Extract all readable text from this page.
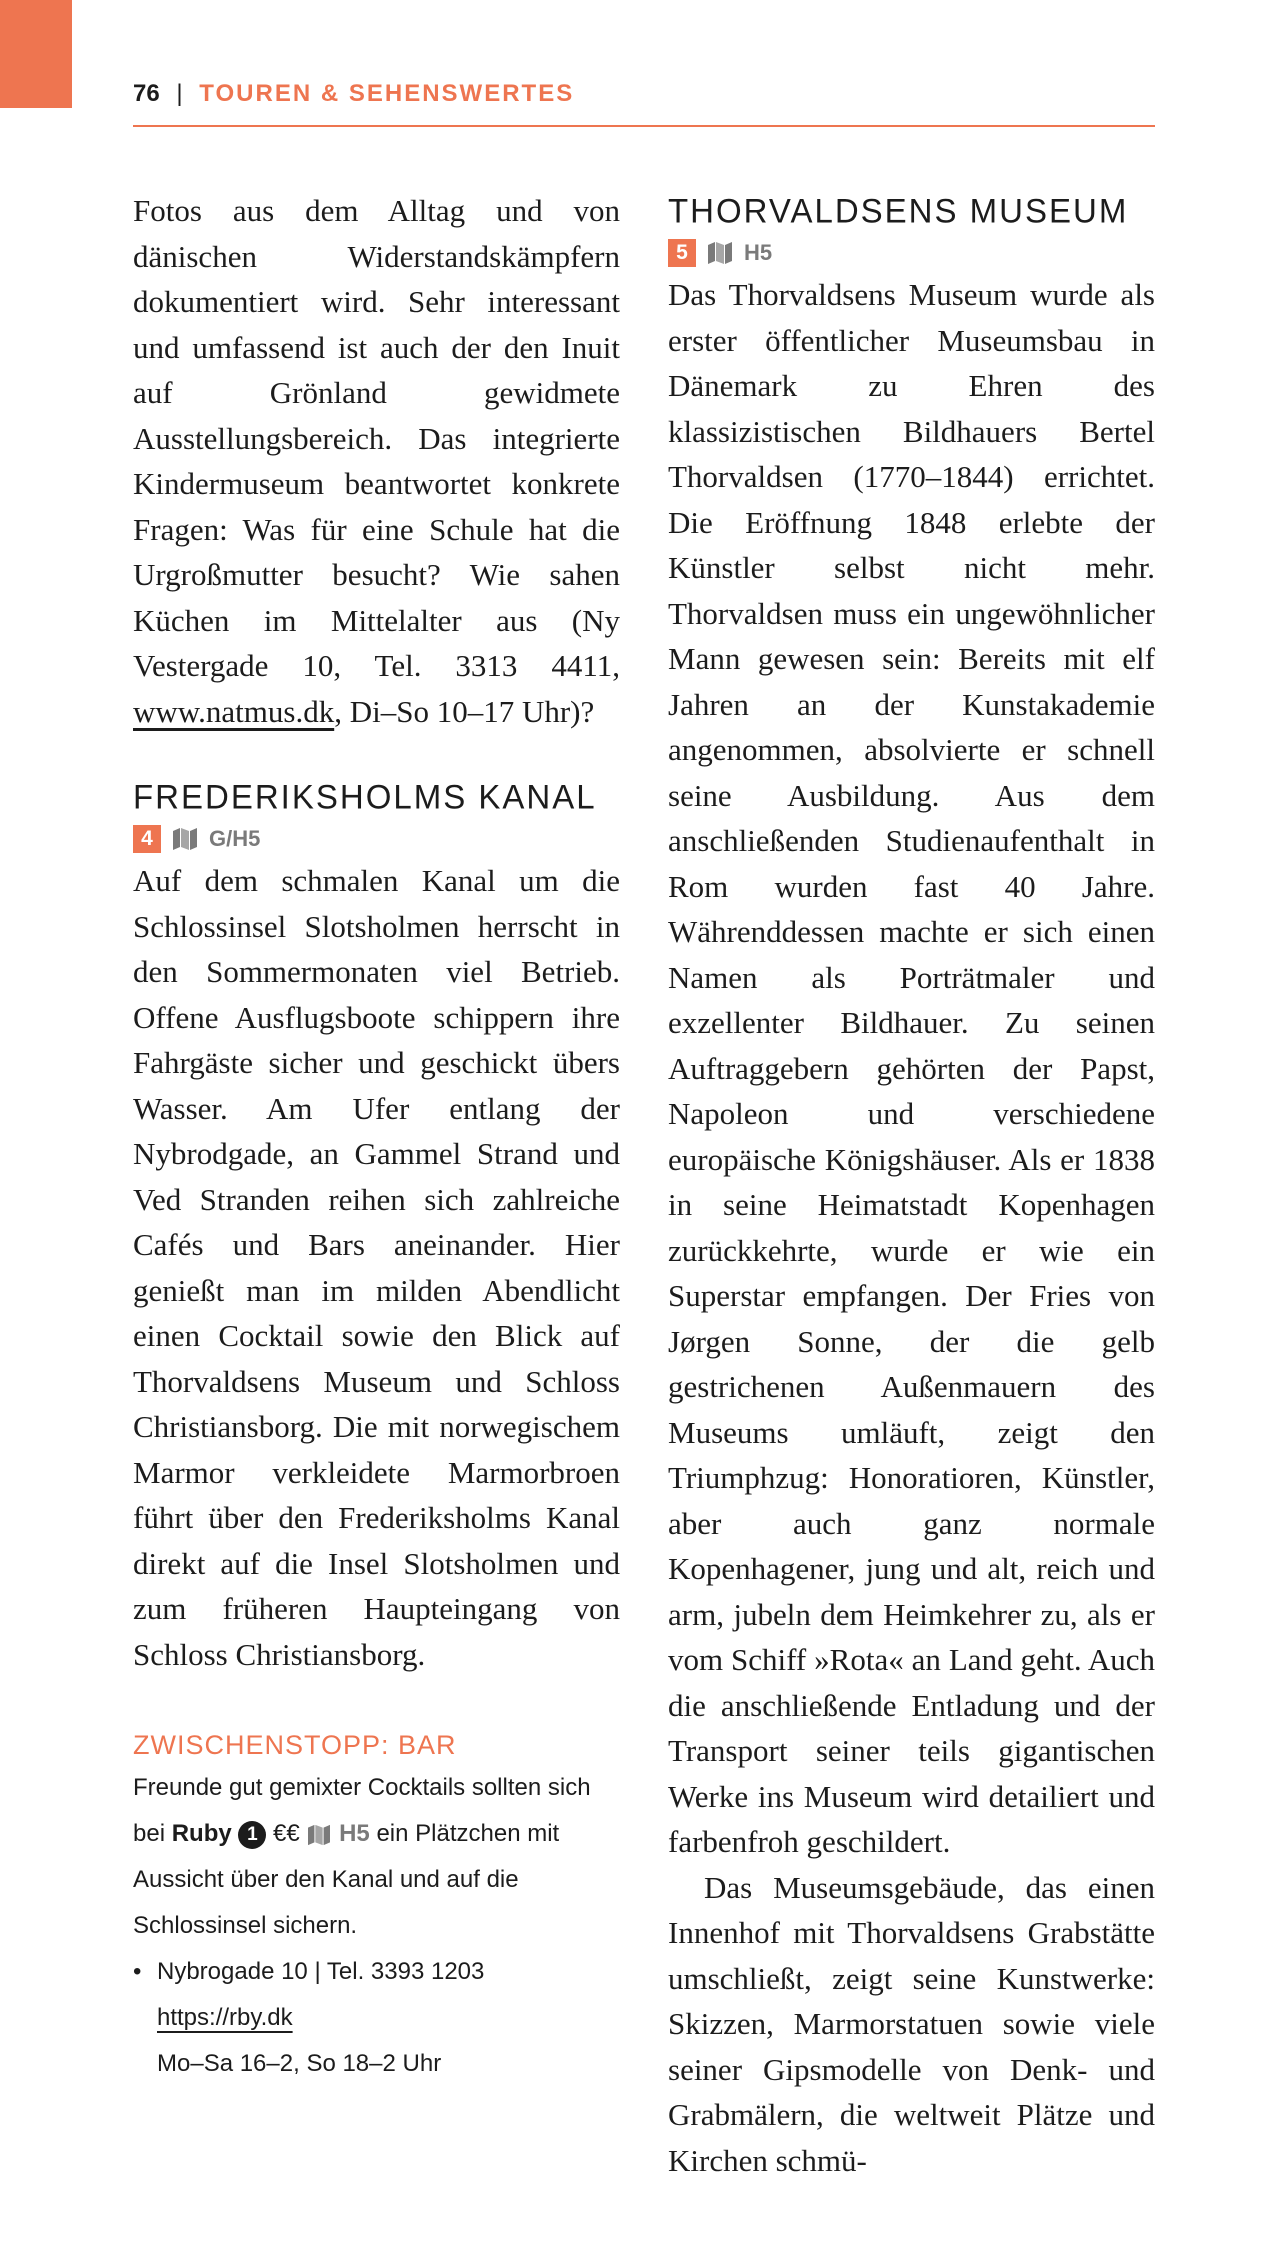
76 | TOUREN & SEHENSWERTES

Fotos aus dem Alltag und von dänischen Widerstandskämpfern dokumentiert wird. Sehr interessant und umfassend ist auch der den Inuit auf Grönland gewidmete Ausstellungsbereich. Das integrierte Kindermuseum beantwortet konkrete Fragen: Was für eine Schule hat die Urgroßmutter besucht? Wie sahen Küchen im Mittelalter aus (Ny Vestergade 10, Tel. 3313 4411, www.natmus.dk, Di–So 10–17 Uhr)?

FREDERIKSHOLMS KANAL
4	G/H5

Auf dem schmalen Kanal um die Schlossinsel Slotsholmen herrscht in den Sommermonaten viel Betrieb. Offene Ausflugsboote schippern ihre Fahrgäste sicher und geschickt übers Wasser. Am Ufer entlang der Nybrodgade, an Gammel Strand und Ved Stranden reihen sich zahlreiche Cafés und Bars aneinander. Hier genießt man im milden Abendlicht einen Cocktail sowie den Blick auf Thorvaldsens Museum und Schloss Christiansborg. Die mit norwegischem Marmor verkleidete Marmorbroen führt über den Frederiksholms Kanal direkt auf die Insel Slotsholmen und zum früheren Haupteingang von Schloss Christiansborg.

ZWISCHENSTOPP: BAR

Freunde gut gemixter Cocktails sollten sich bei Ruby 1 €€ H5 ein Plätzchen mit Aussicht über den Kanal und auf die Schlossinsel sichern.

• Nybrogade 10 | Tel. 3393 1203
https://rby.dk
Mo–Sa 16–2, So 18–2 Uhr
THORVALDSENS MUSEUM
5	H5

Das Thorvaldsens Museum wurde als erster öffentlicher Museumsbau in Dänemark zu Ehren des klassizistischen Bildhauers Bertel Thorvaldsen (1770–1844) errichtet. Die Eröffnung 1848 erlebte der Künstler selbst nicht mehr. Thorvaldsen muss ein ungewöhnlicher Mann gewesen sein: Bereits mit elf Jahren an der Kunstakademie angenommen, absolvierte er schnell seine Ausbildung. Aus dem anschließenden Studienaufenthalt in Rom wurden fast 40 Jahre. Währenddessen machte er sich einen Namen als Porträtmaler und exzellenter Bildhauer. Zu seinen Auftraggebern gehörten der Papst, Napoleon und verschiedene europäische Königshäuser. Als er 1838 in seine Heimatstadt Kopenhagen zurückkehrte, wurde er wie ein Superstar empfangen. Der Fries von Jørgen Sonne, der die gelb gestrichenen Außenmauern des Museums umläuft, zeigt den Triumphzug: Honoratioren, Künstler, aber auch ganz normale Kopenhagener, jung und alt, reich und arm, jubeln dem Heimkehrer zu, als er vom Schiff »Rota« an Land geht. Auch die anschließende Entladung und der Transport seiner teils gigantischen Werke ins Museum wird detailiert und farbenfroh geschildert.

Das Museumsgebäude, das einen Innenhof mit Thorvaldsens Grabstätte umschließt, zeigt seine Kunstwerke: Skizzen, Marmorstatuen sowie viele seiner Gipsmodelle von Denk- und Grabmälern, die weltweit Plätze und Kirchen schmü-
